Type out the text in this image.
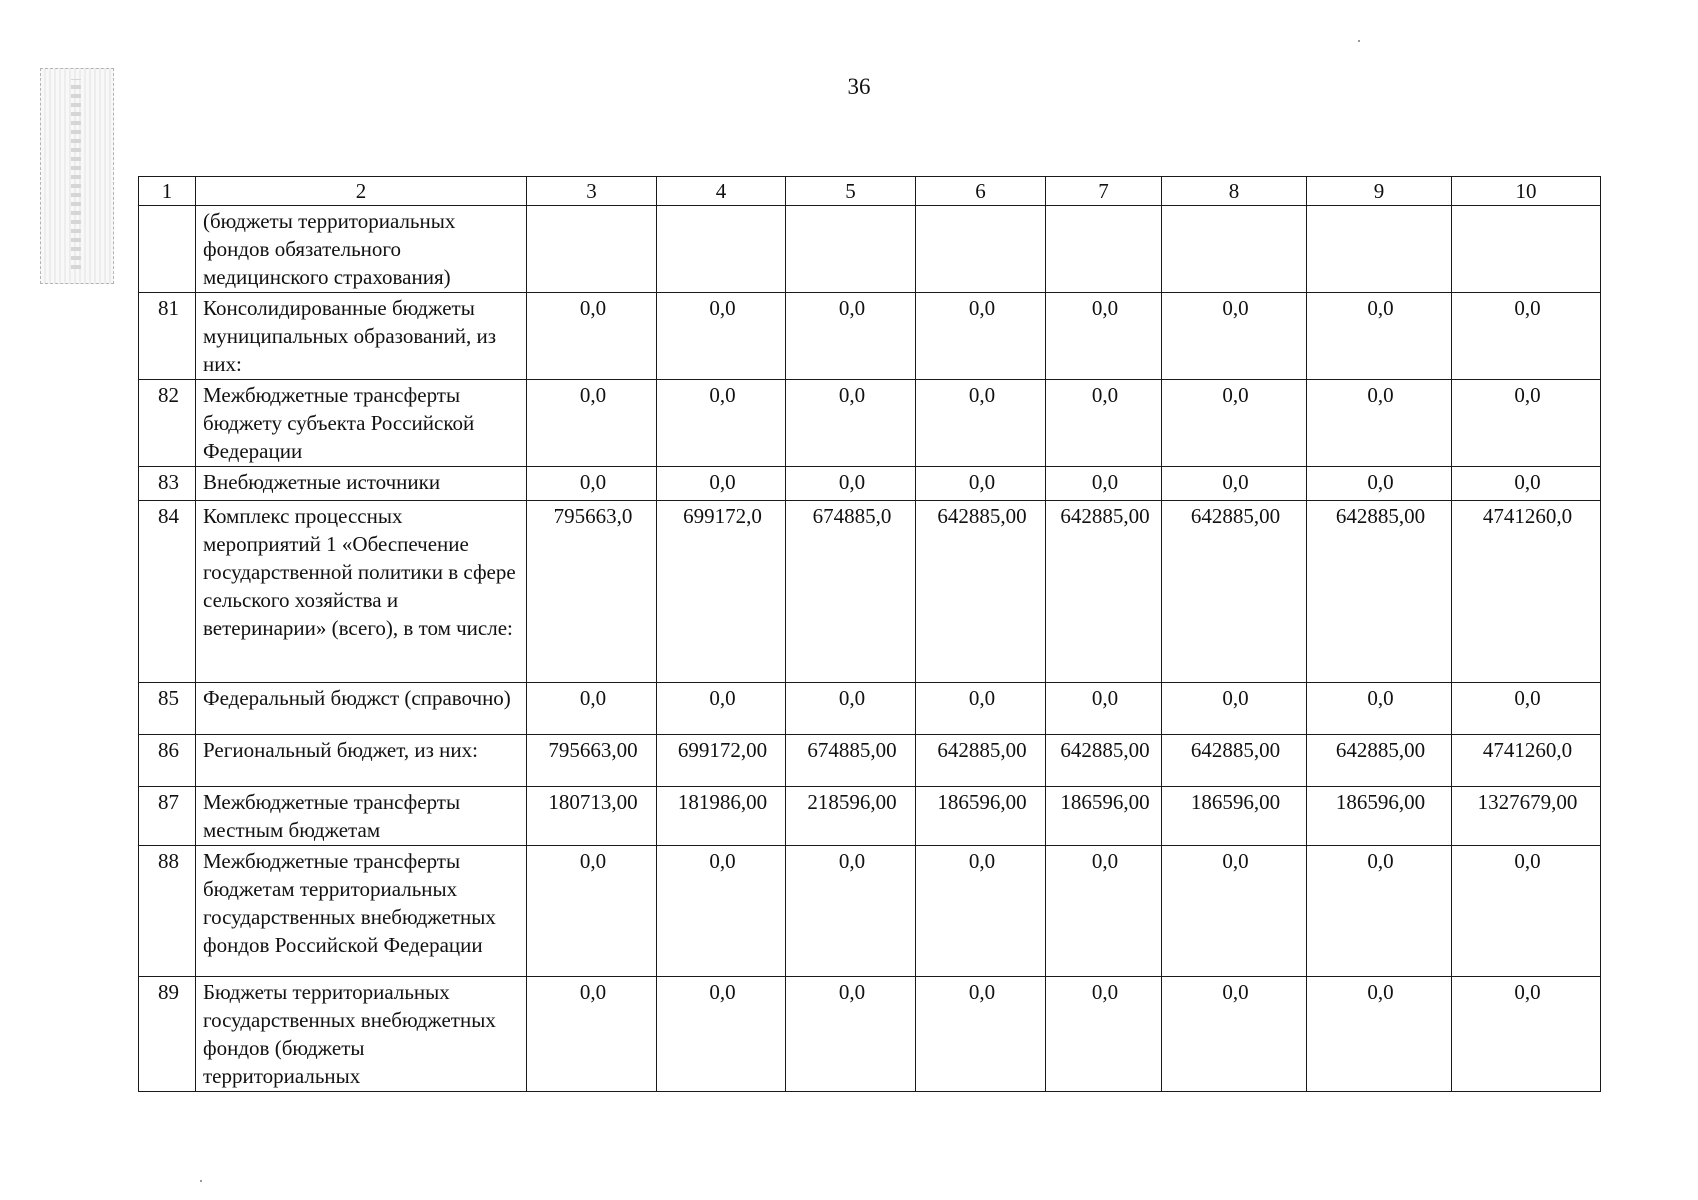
36
1	2	3	4	5	6	7	8	9	10
	(бюджеты территориальных фондов обязательного медицинского страхования)								
81	Консолидированные бюджеты муниципальных образований, из них:	0,0	0,0	0,0	0,0	0,0	0,0	0,0	0,0
82	Межбюджетные трансферты бюджету субъекта Российской Федерации	0,0	0,0	0,0	0,0	0,0	0,0	0,0	0,0
83	Внебюджетные источники	0,0	0,0	0,0	0,0	0,0	0,0	0,0	0,0
84	Комплекс процессных мероприятий 1 «Обеспечение государственной политики в сфере сельского хозяйства и ветеринарии» (всего), в том числе:	795663,0	699172,0	674885,0	642885,00	642885,00	642885,00	642885,00	4741260,0
85	Федеральный бюджст (справочно)	0,0	0,0	0,0	0,0	0,0	0,0	0,0	0,0
86	Региональный бюджет, из них:	795663,00	699172,00	674885,00	642885,00	642885,00	642885,00	642885,00	4741260,0
87	Межбюджетные трансферты местным бюджетам	180713,00	181986,00	218596,00	186596,00	186596,00	186596,00	186596,00	1327679,00
88	Межбюджетные трансферты бюджетам территориальных государственных внебюджетных фондов Российской Федерации	0,0	0,0	0,0	0,0	0,0	0,0	0,0	0,0
89	Бюджеты территориальных государственных внебюджетных фондов (бюджеты территориальных	0,0	0,0	0,0	0,0	0,0	0,0	0,0	0,0
